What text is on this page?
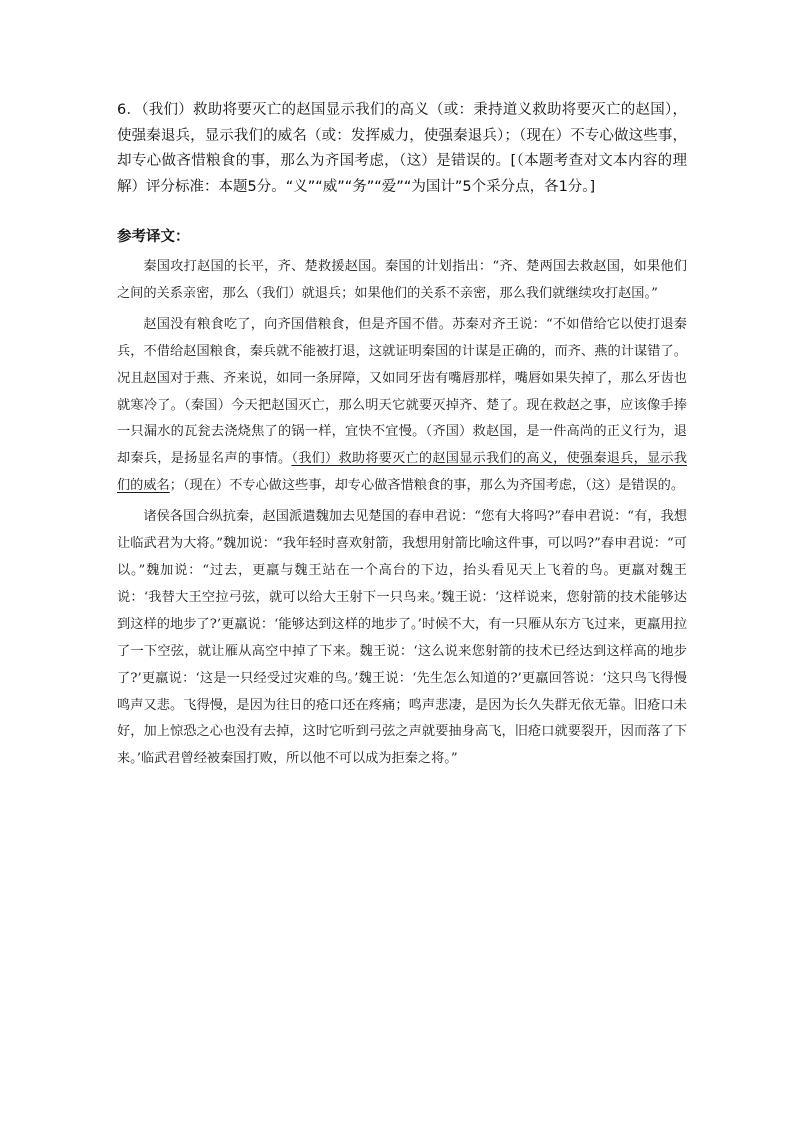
6．（我们）救助将要灭亡的赵国显示我们的高义（或：秉持道义救助将要灭亡的赵国），使强秦退兵，显示我们的威名（或：发挥威力，使强秦退兵）；（现在）不专心做这些事，却专心做吝惜粮食的事，那么为齐国考虑，（这）是错误的。[（本题考查对文本内容的理解）评分标准：本题5分。“义”“威”“务”“爱”“为国计”5个采分点，各1分。]

参考译文：

秦国攻打赵国的长平，齐、楚救援赵国。秦国的计划指出：“齐、楚两国去救赵国，如果他们之间的关系亲密，那么（我们）就退兵；如果他们的关系不亲密，那么我们就继续攻打赵国。”

赵国没有粮食吃了，向齐国借粮食，但是齐国不借。苏秦对齐王说：“不如借给它以使打退秦兵，不借给赵国粮食，秦兵就不能被打退，这就证明秦国的计谋是正确的，而齐、燕的计谋错了。况且赵国对于燕、齐来说，如同一条屏障，又如同牙齿有嘴唇那样，嘴唇如果失掉了，那么牙齿也就寒冷了。（秦国）今天把赵国灭亡，那么明天它就要灭掉齐、楚了。现在救赵之事，应该像手捧一只漏水的瓦瓮去浇烧焦了的锅一样，宜快不宜慢。（齐国）救赵国，是一件高尚的正义行为，退却秦兵，是扬显名声的事情。（我们）救助将要灭亡的赵国显示我们的高义，使强秦退兵，显示我们的威名；（现在）不专心做这些事，却专心做吝惜粮食的事，那么为齐国考虑，（这）是错误的。

诸侯各国合纵抗秦，赵国派遣魏加去见楚国的春申君说：“您有大将吗?”春申君说：“有，我想让临武君为大将。”魏加说：“我年轻时喜欢射箭，我想用射箭比喻这件事，可以吗?”春申君说：“可以。”魏加说：“过去，更羸与魏王站在一个高台的下边，抬头看见天上飞着的鸟。更羸对魏王说：‘我替大王空拉弓弦，就可以给大王射下一只鸟来。’魏王说：‘这样说来，您射箭的技术能够达到这样的地步了?’更羸说：‘能够达到这样的地步了。’时候不大，有一只雁从东方飞过来，更羸用拉了一下空弦，就让雁从高空中掉了下来。魏王说：‘这么说来您射箭的技术已经达到这样高的地步了?’更羸说：‘这是一只经受过灾难的鸟。’魏王说：‘先生怎么知道的?’更羸回答说：‘这只鸟飞得慢鸣声又悲。飞得慢，是因为往日的疮口还在疼痛；鸣声悲凄，是因为长久失群无依无靠。旧疮口未好，加上惊恐之心也没有去掉，这时它听到弓弦之声就要抽身高飞，旧疮口就要裂开，因而落了下来。’临武君曾经被秦国打败，所以他不可以成为拒秦之将。”
